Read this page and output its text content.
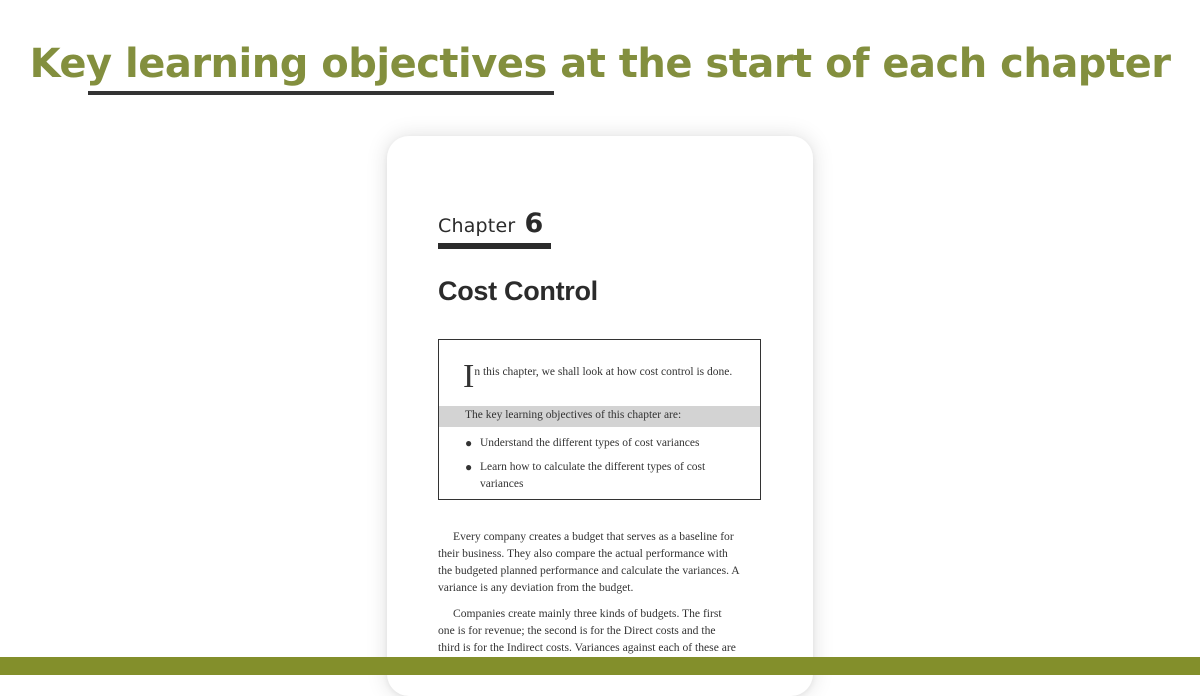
Key learning objectives at the start of each chapter
Chapter 6
Cost Control
In this chapter, we shall look at how cost control is done.
The key learning objectives of this chapter are:
● Understand the different types of cost variances
● Learn how to calculate the different types of cost
variances
Every company creates a budget that serves as a baseline for
their business. They also compare the actual performance with
the budgeted planned performance and calculate the variances. A
variance is any deviation from the budget.
Companies create mainly three kinds of budgets. The first
one is for revenue; the second is for the Direct costs and the
third is for the Indirect costs. Variances against each of these are
